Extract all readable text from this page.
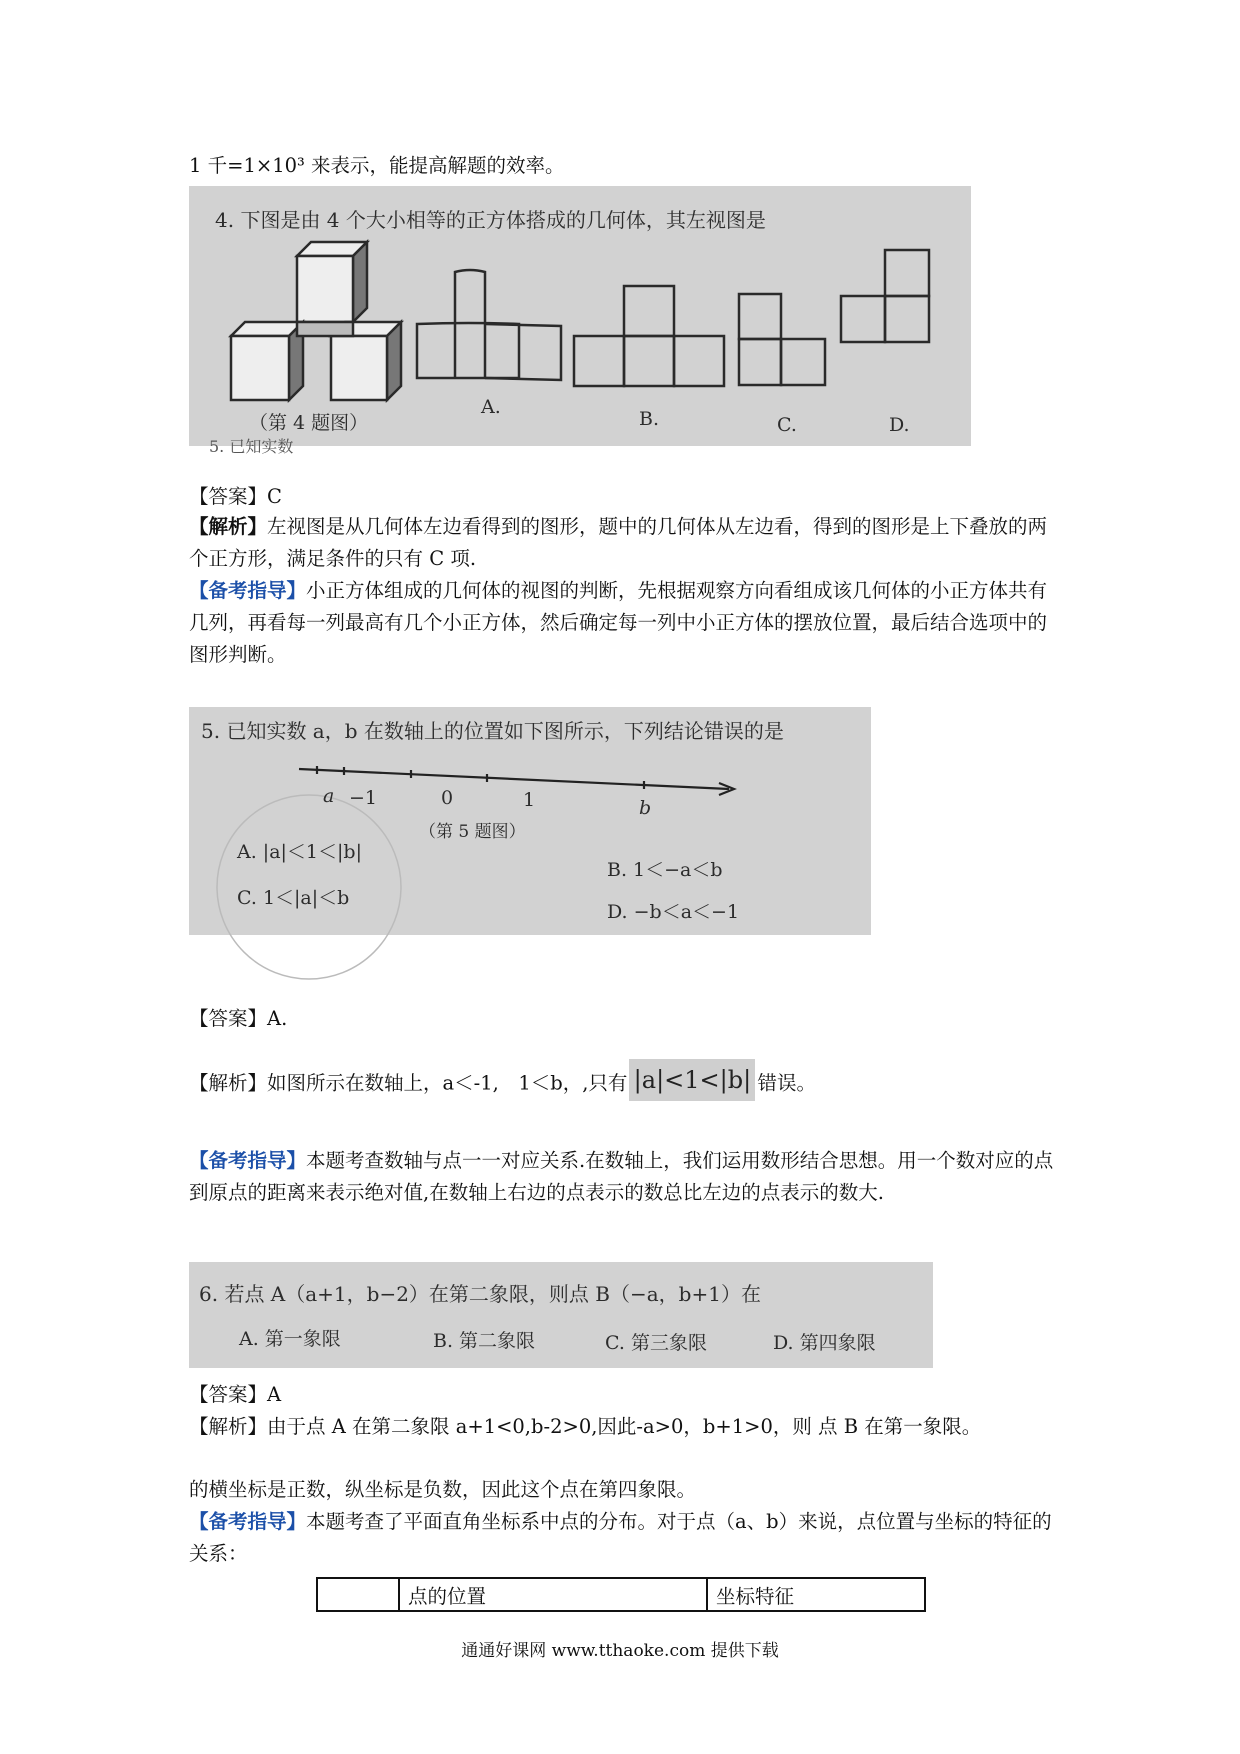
1 千=1×10³ 来表示，能提高解题的效率。
4. 下图是由 4 个大小相等的正方体搭成的几何体，其左视图是
（第 4 题图）
A.
B.	C.	D.
5. 已知实数
【答案】C
【解析】左视图是从几何体左边看得到的图形，题中的几何体从左边看，得到的图形是上下叠放的两个正方形，满足条件的只有 C 项.
【备考指导】小正方体组成的几何体的视图的判断，先根据观察方向看组成该几何体的小正方体共有几列，再看每一列最高有几个小正方体，然后确定每一列中小正方体的摆放位置，最后结合选项中的图形判断。
5. 已知实数 a，b 在数轴上的位置如下图所示，下列结论错误的是
a −1	0	1	b
（第 5 题图）
A. |a|＜1＜|b|
B. 1＜−a＜b
C. 1＜|a|＜b
D. −b＜a＜−1
【答案】A.
【解析】如图所示在数轴上，a＜-1,　1＜b，,只有 |a|<1<|b| 错误。
【备考指导】本题考查数轴与点一一对应关系.在数轴上，我们运用数形结合思想。用一个数对应的点到原点的距离来表示绝对值,在数轴上右边的点表示的数总比左边的点表示的数大.
6. 若点 A（a+1，b−2）在第二象限，则点 B（−a，b+1）在
A. 第一象限	B. 第二象限	C. 第三象限	D. 第四象限
【答案】A
【解析】由于点 A 在第二象限 a+1<0,b-2>0,因此-a>0，b+1>0，则 点 B 在第一象限。
的横坐标是正数，纵坐标是负数，因此这个点在第四象限。
【备考指导】本题考查了平面直角坐标系中点的分布。对于点（a、b）来说，点位置与坐标的特征的关系：
	点的位置	坐标特征
通通好课网 www.tthaoke.com 提供下载
